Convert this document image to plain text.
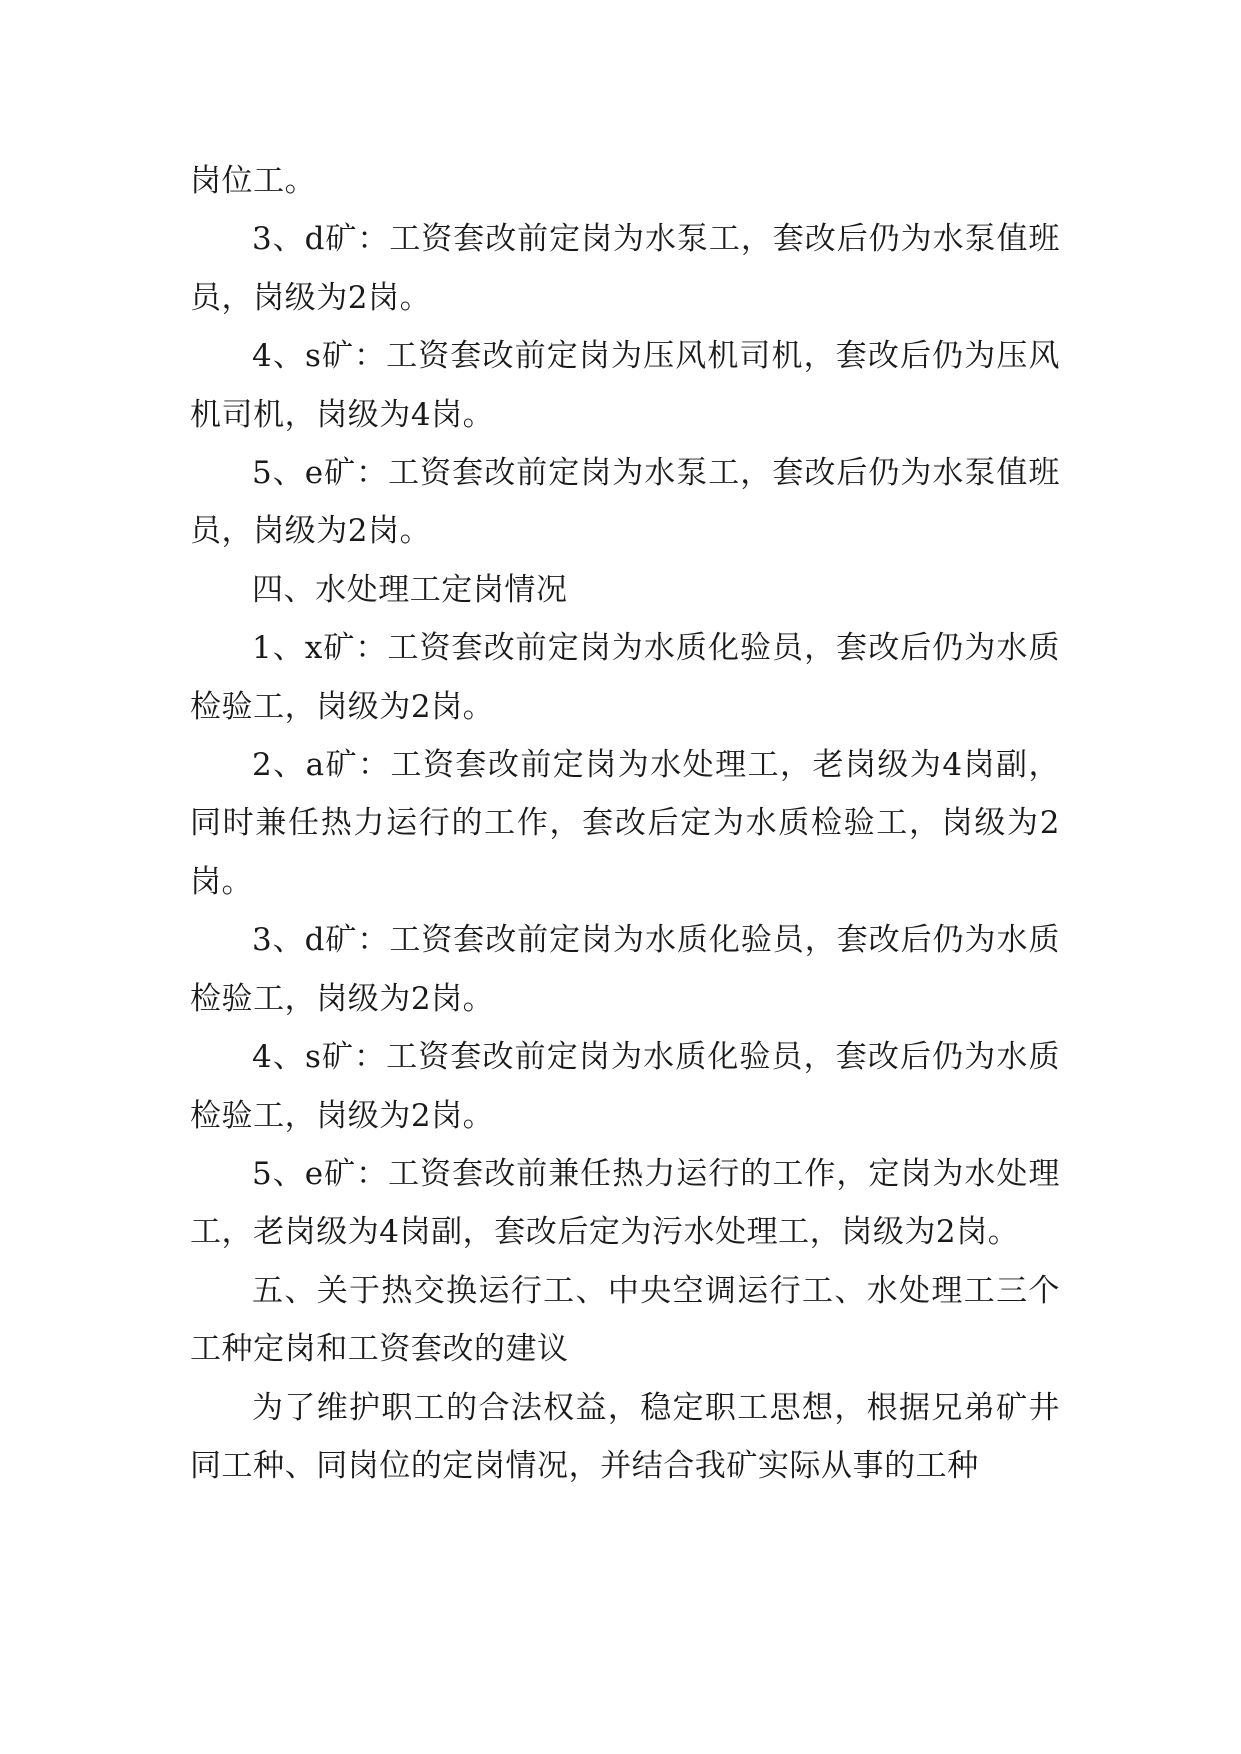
岗位工。

3、d矿：工资套改前定岗为水泵工，套改后仍为水泵值班员，岗级为2岗。

4、s矿：工资套改前定岗为压风机司机，套改后仍为压风机司机，岗级为4岗。

5、e矿：工资套改前定岗为水泵工，套改后仍为水泵值班员，岗级为2岗。

四、水处理工定岗情况

1、x矿：工资套改前定岗为水质化验员，套改后仍为水质检验工，岗级为2岗。

2、a矿：工资套改前定岗为水处理工，老岗级为4岗副，同时兼任热力运行的工作，套改后定为水质检验工，岗级为2岗。

3、d矿：工资套改前定岗为水质化验员，套改后仍为水质检验工，岗级为2岗。

4、s矿：工资套改前定岗为水质化验员，套改后仍为水质检验工，岗级为2岗。

5、e矿：工资套改前兼任热力运行的工作，定岗为水处理工，老岗级为4岗副，套改后定为污水处理工，岗级为2岗。

五、关于热交换运行工、中央空调运行工、水处理工三个工种定岗和工资套改的建议

为了维护职工的合法权益，稳定职工思想，根据兄弟矿井同工种、同岗位的定岗情况，并结合我矿实际从事的工种
